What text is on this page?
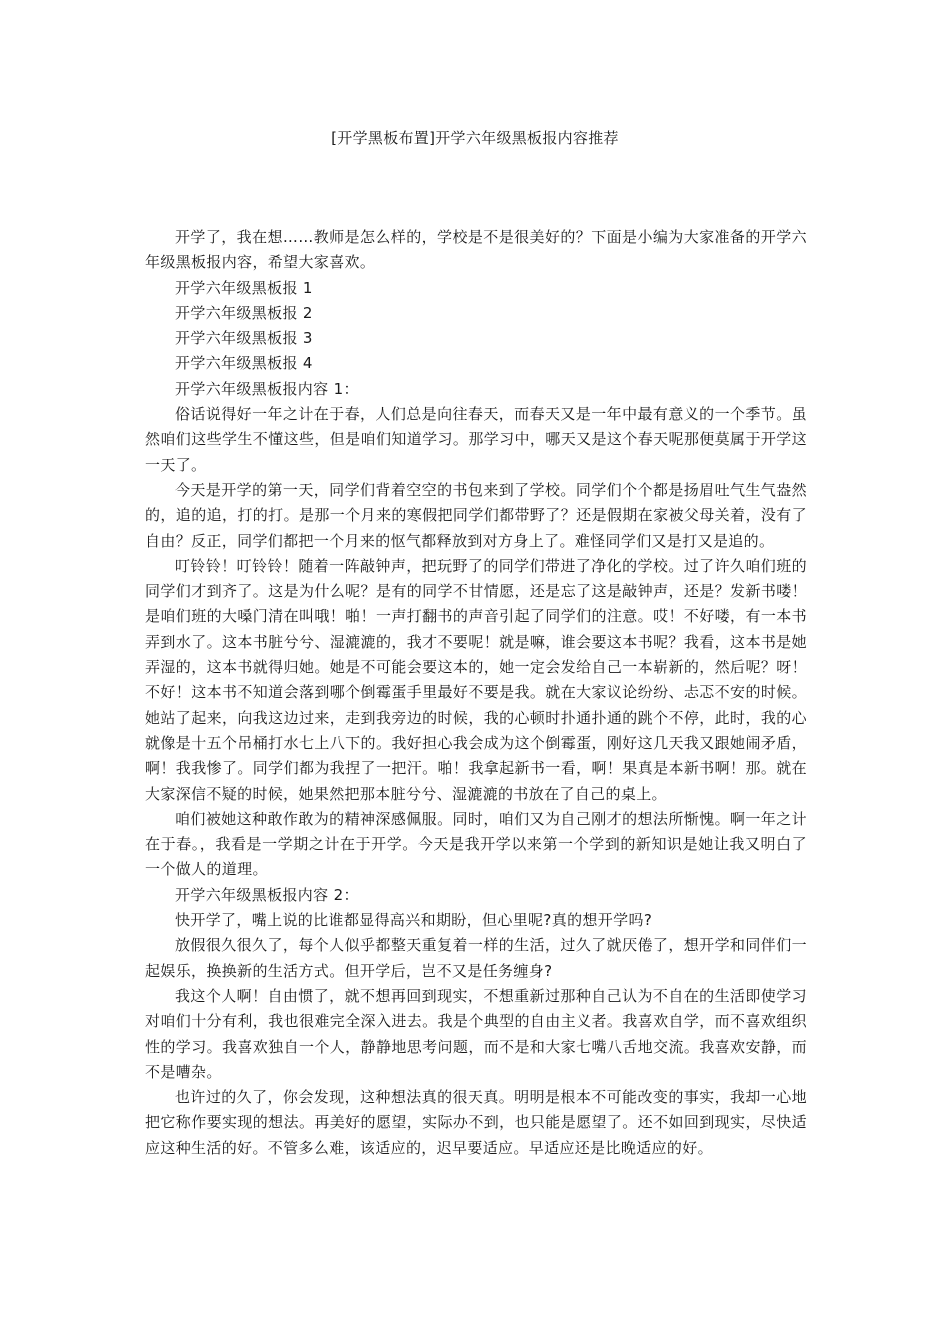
[开学黑板布置]开学六年级黑板报内容推荐

开学了，我在想……教师是怎么样的，学校是不是很美好的？下面是小编为大家准备的开学六年级黑板报内容，希望大家喜欢。

开学六年级黑板报 1

开学六年级黑板报 2

开学六年级黑板报 3

开学六年级黑板报 4

开学六年级黑板报内容 1：

俗话说得好一年之计在于春，人们总是向往春天，而春天又是一年中最有意义的一个季节。虽然咱们这些学生不懂这些，但是咱们知道学习。那学习中，哪天又是这个春天呢那便莫属于开学这一天了。

今天是开学的第一天，同学们背着空空的书包来到了学校。同学们个个都是扬眉吐气生气盎然的，追的追，打的打。是那一个月来的寒假把同学们都带野了？还是假期在家被父母关着，没有了自由？反正，同学们都把一个月来的怄气都释放到对方身上了。难怪同学们又是打又是追的。

叮铃铃！叮铃铃！随着一阵敲钟声，把玩野了的同学们带进了净化的学校。过了许久咱们班的同学们才到齐了。这是为什么呢？是有的同学不甘情愿，还是忘了这是敲钟声，还是？发新书喽！是咱们班的大嗓门清在叫哦！啪！一声打翻书的声音引起了同学们的注意。哎！不好喽，有一本书弄到水了。这本书脏兮兮、湿漉漉的，我才不要呢！就是嘛，谁会要这本书呢？我看，这本书是她弄湿的，这本书就得归她。她是不可能会要这本的，她一定会发给自己一本崭新的，然后呢？呀！不好！这本书不知道会落到哪个倒霉蛋手里最好不要是我。就在大家议论纷纷、忐忑不安的时候。她站了起来，向我这边过来，走到我旁边的时候，我的心顿时扑通扑通的跳个不停，此时，我的心就像是十五个吊桶打水七上八下的。我好担心我会成为这个倒霉蛋，刚好这几天我又跟她闹矛盾，啊！我我惨了。同学们都为我捏了一把汗。啪！我拿起新书一看，啊！果真是本新书啊！那。就在大家深信不疑的时候，她果然把那本脏兮兮、湿漉漉的书放在了自己的桌上。

咱们被她这种敢作敢为的精神深感佩服。同时，咱们又为自己刚才的想法所惭愧。啊一年之计在于春。，我看是一学期之计在于开学。今天是我开学以来第一个学到的新知识是她让我又明白了一个做人的道理。

开学六年级黑板报内容 2：

快开学了，嘴上说的比谁都显得高兴和期盼，但心里呢?真的想开学吗?

放假很久很久了，每个人似乎都整天重复着一样的生活，过久了就厌倦了，想开学和同伴们一起娱乐，换换新的生活方式。但开学后，岂不又是任务缠身?

我这个人啊！自由惯了，就不想再回到现实，不想重新过那种自己认为不自在的生活即使学习对咱们十分有利，我也很难完全深入进去。我是个典型的自由主义者。我喜欢自学，而不喜欢组织性的学习。我喜欢独自一个人，静静地思考问题，而不是和大家七嘴八舌地交流。我喜欢安静，而不是嘈杂。

也许过的久了，你会发现，这种想法真的很天真。明明是根本不可能改变的事实，我却一心地把它称作要实现的想法。再美好的愿望，实际办不到，也只能是愿望了。还不如回到现实，尽快适应这种生活的好。不管多么难，该适应的，迟早要适应。早适应还是比晚适应的好。
